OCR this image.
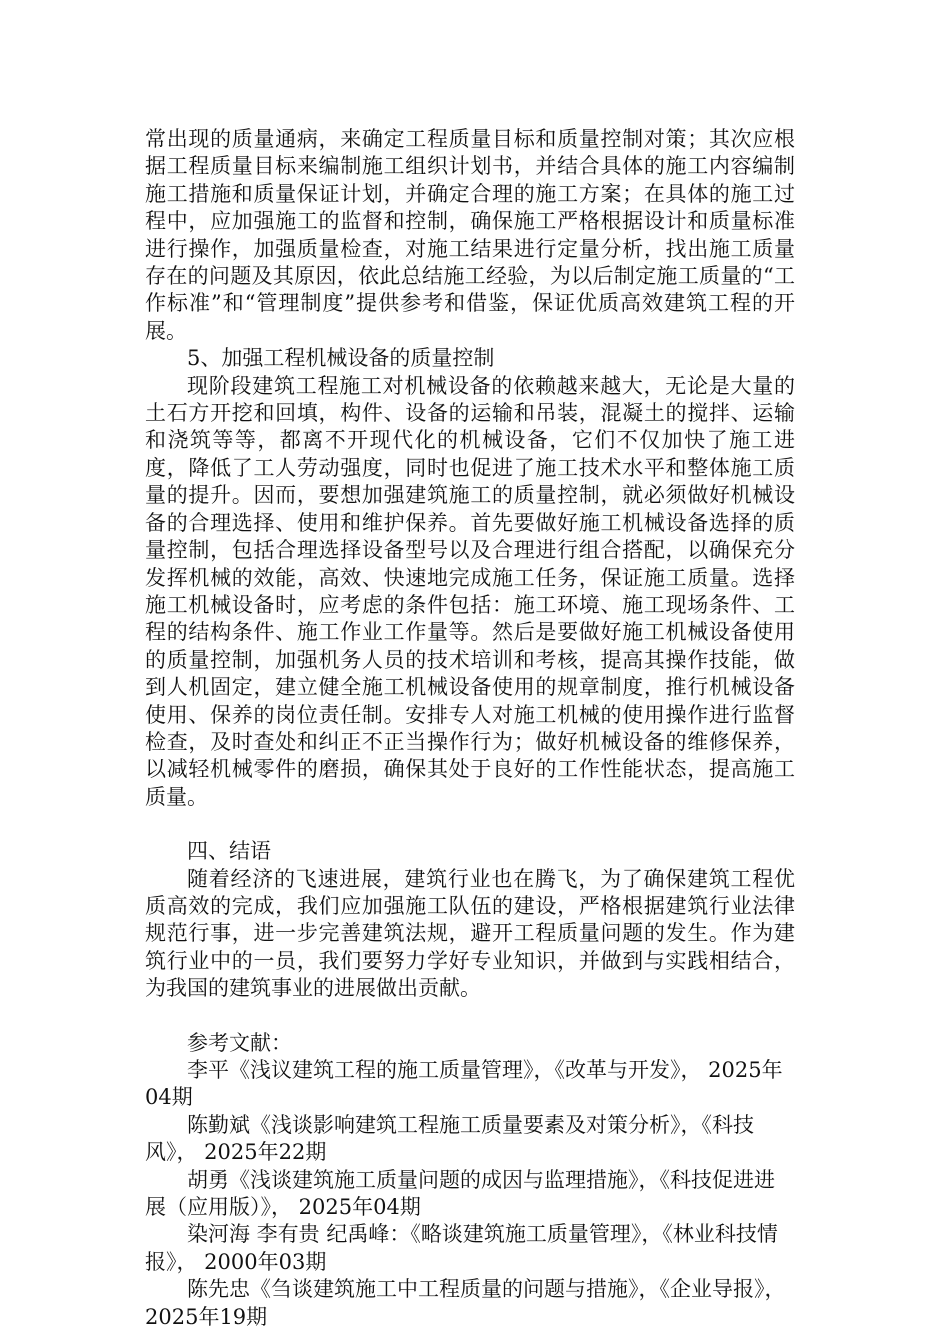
常出现的质量通病，来确定工程质量目标和质量控制对策；其次应根据工程质量目标来编制施工组织计划书，并结合具体的施工内容编制施工措施和质量保证计划，并确定合理的施工方案；在具体的施工过程中，应加强施工的监督和控制，确保施工严格根据设计和质量标准进行操作，加强质量检查，对施工结果进行定量分析，找出施工质量存在的问题及其原因，依此总结施工经验，为以后制定施工质量的“工作标准”和“管理制度”提供参考和借鉴，保证优质高效建筑工程的开展。

5、加强工程机械设备的质量控制

现阶段建筑工程施工对机械设备的依赖越来越大，无论是大量的土石方开挖和回填，构件、设备的运输和吊装，混凝土的搅拌、运输和浇筑等等，都离不开现代化的机械设备，它们不仅加快了施工进度，降低了工人劳动强度，同时也促进了施工技术水平和整体施工质量的提升。因而，要想加强建筑施工的质量控制，就必须做好机械设备的合理选择、使用和维护保养。首先要做好施工机械设备选择的质量控制，包括合理选择设备型号以及合理进行组合搭配，以确保充分发挥机械的效能，高效、快速地完成施工任务，保证施工质量。选择施工机械设备时，应考虑的条件包括：施工环境、施工现场条件、工程的结构条件、施工作业工作量等。然后是要做好施工机械设备使用的质量控制，加强机务人员的技术培训和考核，提高其操作技能，做到人机固定，建立健全施工机械设备使用的规章制度，推行机械设备使用、保养的岗位责任制。安排专人对施工机械的使用操作进行监督检查，及时查处和纠正不正当操作行为；做好机械设备的维修保养，以减轻机械零件的磨损，确保其处于良好的工作性能状态，提高施工质量。

四、结语

随着经济的飞速进展，建筑行业也在腾飞，为了确保建筑工程优质高效的完成，我们应加强施工队伍的建设，严格根据建筑行业法律规范行事，进一步完善建筑法规，避开工程质量问题的发生。作为建筑行业中的一员，我们要努力学好专业知识，并做到与实践相结合，为我国的建筑事业的进展做出贡献。

参考文献：

李平《浅议建筑工程的施工质量管理》，《改革与开发》， 2025年04期

陈勤斌《浅谈影响建筑工程施工质量要素及对策分析》，《科技风》， 2025年22期

胡勇《浅谈建筑施工质量问题的成因与监理措施》，《科技促进进展（应用版）》， 2025年04期

染河海 李有贵 纪禹峰：《略谈建筑施工质量管理》，《林业科技情报》， 2000年03期

陈先忠《刍谈建筑施工中工程质量的问题与措施》，《企业导报》， 2025年19期
